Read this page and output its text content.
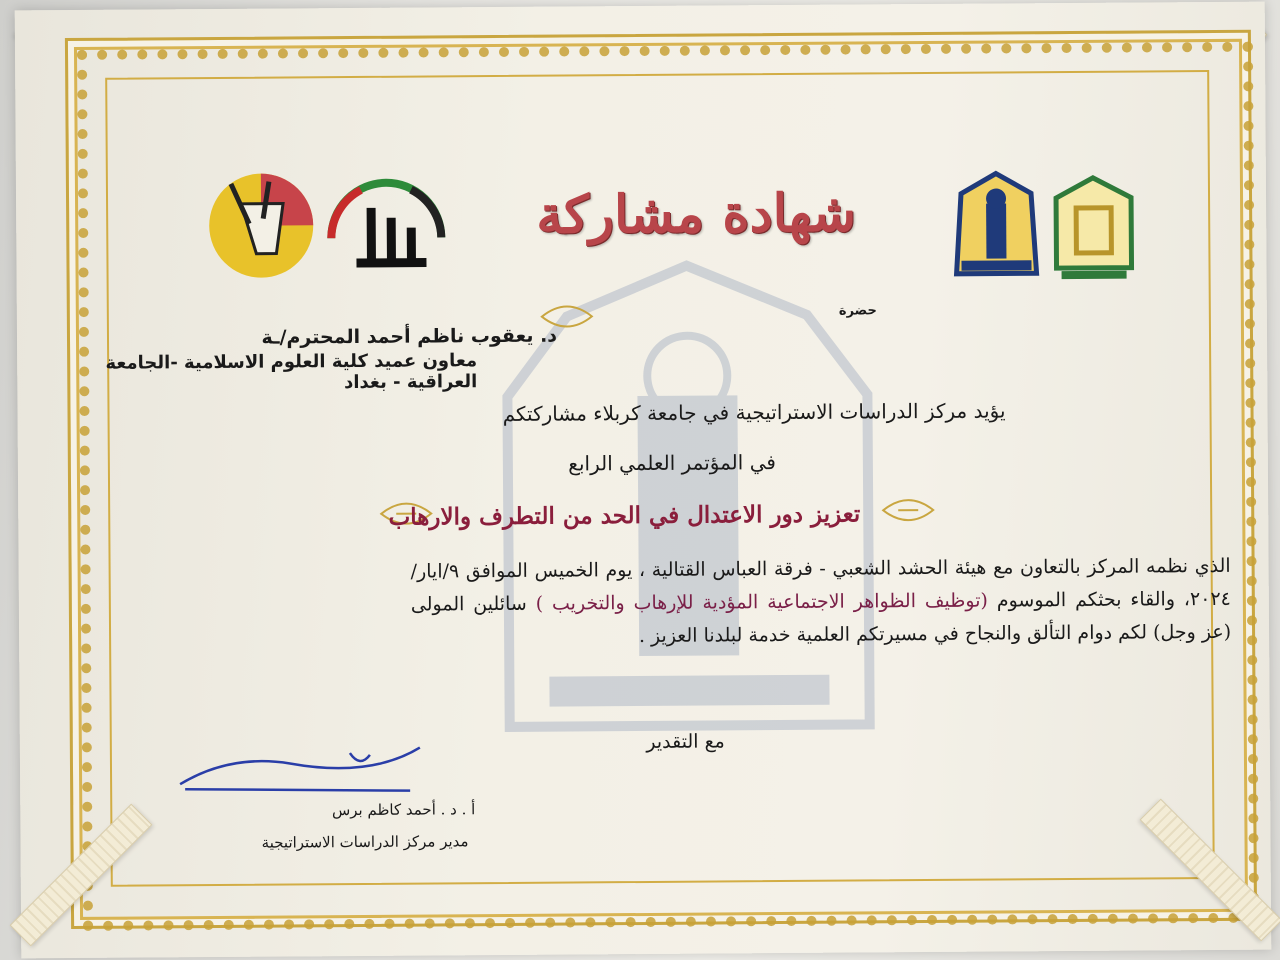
شهادة مشاركة
حضرة
د. يعقوب ناظم أحمد المحترم/ـة
معاون عميد كلية العلوم الاسلامية -الجامعة العراقية - بغداد
يؤيد مركز الدراسات الاستراتيجية في جامعة كربلاء مشاركتكم
في المؤتمر العلمي الرابع
تعزيز دور الاعتدال في الحد من التطرف والارهاب
الذي نظمه المركز بالتعاون مع هيئة الحشد الشعبي - فرقة العباس القتالية ، يوم الخميس الموافق ٩/ايار/٢٠٢٤، والقاء بحثكم الموسوم (توظيف الظواهر الاجتماعية المؤدية للإرهاب والتخريب ) سائلين المولى (عز وجل) لكم دوام التألق والنجاح في مسيرتكم العلمية خدمة لبلدنا العزيز .
مع التقدير
أ . د . أحمد كاظم برس
مدير مركز الدراسات الاستراتيجية
